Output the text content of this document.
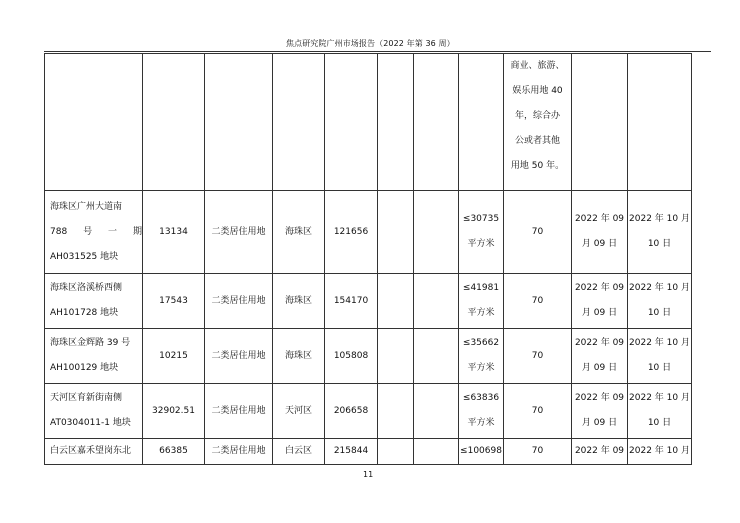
焦点研究院广州市场报告（2022 年第 36 周）

								商业、旅游、
娱乐用地 40
年，综合办
公或者其他
用地 50 年。		

海珠区广州大道南
788　号　一　期
AH031525 地块	13134	二类居住用地	海珠区	121656			≤30735
平方米	70	2022 年 09
月 09 日	2022 年 10 月
10 日

海珠区洛溪桥西侧
AH101728 地块	17543	二类居住用地	海珠区	154170			≤41981
平方米	70	2022 年 09
月 09 日	2022 年 10 月
10 日

海珠区金辉路 39 号
AH100129 地块	10215	二类居住用地	海珠区	105808			≤35662
平方米	70	2022 年 09
月 09 日	2022 年 10 月
10 日

天河区育新街南侧
AT0304011-1 地块	32902.51	二类居住用地	天河区	206658			≤63836
平方米	70	2022 年 09
月 09 日	2022 年 10 月
10 日

白云区嘉禾望岗东北	66385	二类居住用地	白云区	215844			≤100698	70	2022 年 09	2022 年 10 月
11
